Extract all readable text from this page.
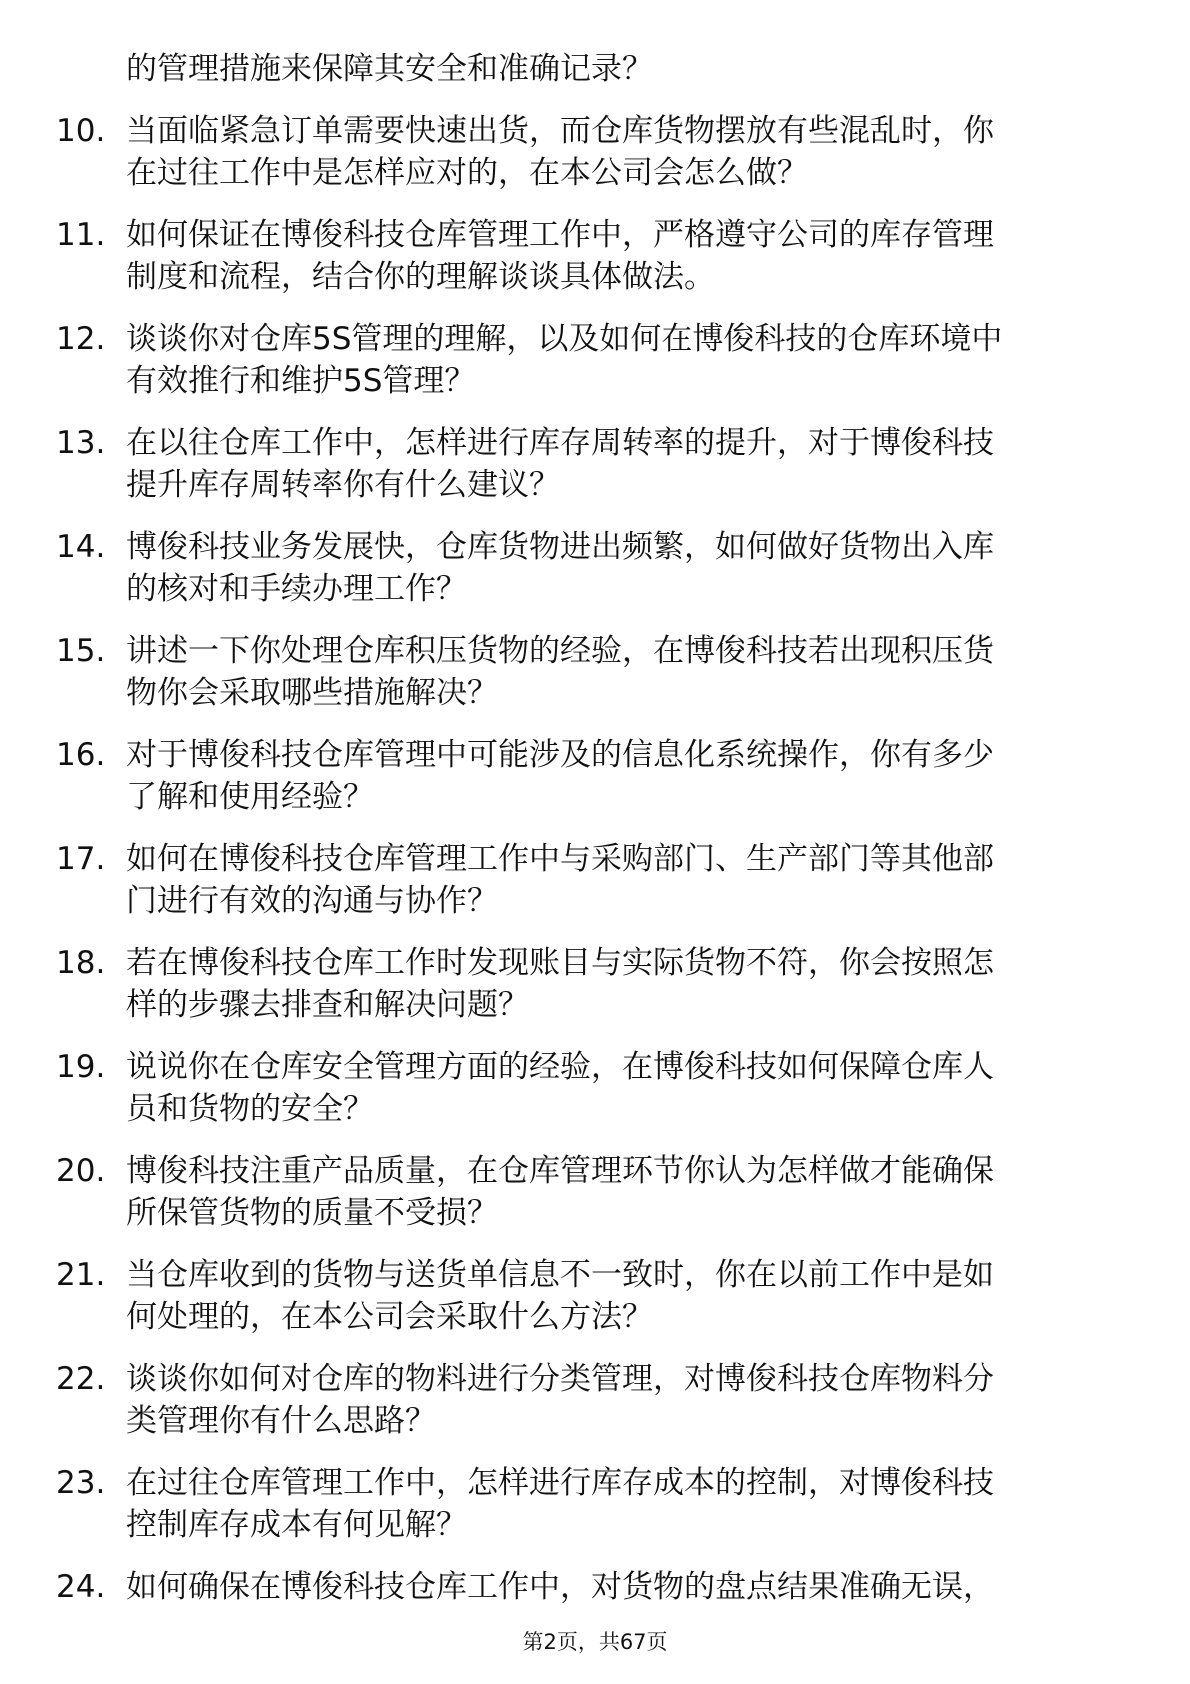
的管理措施来保障其安全和准确记录？
10. 当面临紧急订单需要快速出货，而仓库货物摆放有些混乱时，你
在过往工作中是怎样应对的，在本公司会怎么做？
11. 如何保证在博俊科技仓库管理工作中，严格遵守公司的库存管理
制度和流程，结合你的理解谈谈具体做法。
12. 谈谈你对仓库5S管理的理解，以及如何在博俊科技的仓库环境中
有效推行和维护5S管理？
13. 在以往仓库工作中，怎样进行库存周转率的提升，对于博俊科技
提升库存周转率你有什么建议？
14. 博俊科技业务发展快，仓库货物进出频繁，如何做好货物出入库
的核对和手续办理工作？
15. 讲述一下你处理仓库积压货物的经验，在博俊科技若出现积压货
物你会采取哪些措施解决？
16. 对于博俊科技仓库管理中可能涉及的信息化系统操作，你有多少
了解和使用经验？
17. 如何在博俊科技仓库管理工作中与采购部门、生产部门等其他部
门进行有效的沟通与协作？
18. 若在博俊科技仓库工作时发现账目与实际货物不符，你会按照怎
样的步骤去排查和解决问题？
19. 说说你在仓库安全管理方面的经验，在博俊科技如何保障仓库人
员和货物的安全？
20. 博俊科技注重产品质量，在仓库管理环节你认为怎样做才能确保
所保管货物的质量不受损？
21. 当仓库收到的货物与送货单信息不一致时，你在以前工作中是如
何处理的，在本公司会采取什么方法？
22. 谈谈你如何对仓库的物料进行分类管理，对博俊科技仓库物料分
类管理你有什么思路？
23. 在过往仓库管理工作中，怎样进行库存成本的控制，对博俊科技
控制库存成本有何见解？
24. 如何确保在博俊科技仓库工作中，对货物的盘点结果准确无误，
第2页，共67页
